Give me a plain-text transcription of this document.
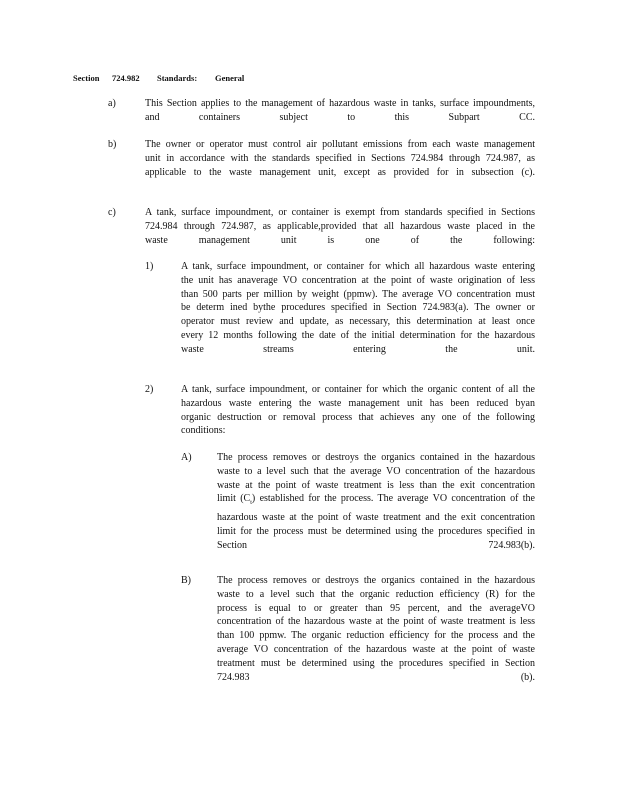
Section 724.982 Standards: General
a)	This Section applies to the management of hazardous waste in tanks, surface impoundments, and containers subject to this Subpart CC.
b)	The owner or operator must control air pollutant emissions from each waste management unit in accordance with the standards specified in Sections 724.984 through 724.987, as applicable to the waste management unit, except as provided for in subsection (c).
c)	A tank, surface impoundment, or container is exempt from standards specified in Sections 724.984 through 724.987, as applicable,provided that all hazardous waste placed in the waste management unit is one of the following:
1)	A tank, surface impoundment, or container for which all hazardous waste entering the unit has anaverage VO concentration at the point of waste origination of less than 500 parts per million by weight (ppmw). The average VO concentration must be determ ined bythe procedures specified in Section 724.983(a). The owner or operator must review and update, as necessary, this determination at least once every 12 months following the date of the initial determination for the hazardous waste streams entering the unit.
2)	A tank, surface impoundment, or container for which the organic content of all the hazardous waste entering the waste management unit has been reduced byan organic destruction or removal process that achieves any one of the following conditions:
A)	The process removes or destroys the organics contained in the hazardous waste to a level such that the average VO concentration of the hazardous waste at the point of waste treatment is less than the exit concentration limit $(C_t)$ established for the process. The average VO concentration of the hazardous waste at the point of waste treatment and the exit concentration limit for the process must be determined using the procedures specified in Section 724.983(b).
B)	The process removes or destroys the organics contained in the hazardous waste to a level such that the organic reduction efficiency (R) for the process is equal to or greater than 95 percent, and the averageVO concentration of the hazardous waste at the point of waste treatment is less than 100 ppmw. The organic reduction efficiency for the process and the average VO concentration of the hazardous waste at the point of waste treatment must be determined using the procedures specified in Section 724.983 (b).
